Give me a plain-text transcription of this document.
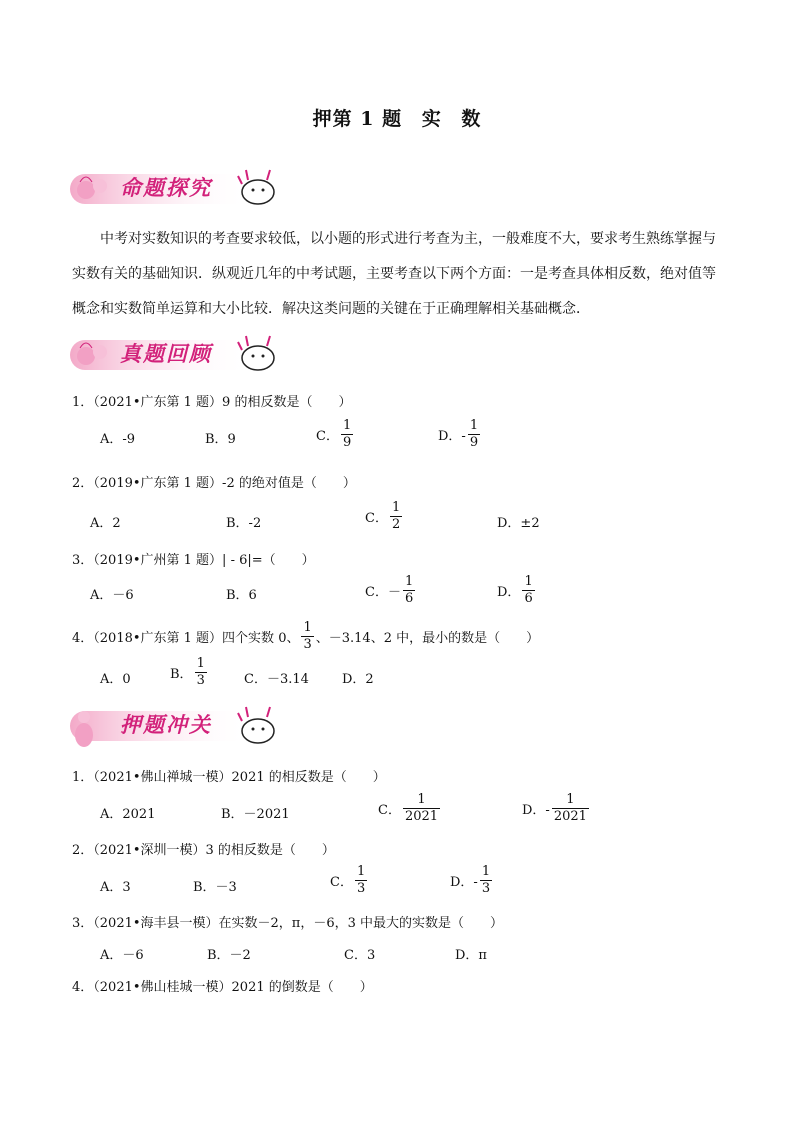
押第 1 题 实 数
命题探究
中考对实数知识的考查要求较低，以小题的形式进行考查为主，一般难度不大，要求考生熟练掌握与实数有关的基础知识．纵观近几年的中考试题，主要考查以下两个方面：一是考查具体相反数，绝对值等概念和实数简单运算和大小比较．解决这类问题的关键在于正确理解相关基础概念．
真题回顾
1．（2021•广东第 1 题）9 的相反数是（　　）
A．-9	B．9	C． $\frac{1}{9}$	D．- $\frac{1}{9}$
2．（2019•广东第 1 题）-2 的绝对值是（　　）
A．2	B．-2	C． $\frac{1}{2}$	D．±2
3．（2019•广州第 1 题）| - 6|=（　　）
A．－6	B．6	C．－ $\frac{1}{6}$	D． $\frac{1}{6}$
4．（2018•广东第 1 题）四个实数 0、 $\frac{1}{3}$ 、－3.14、2 中，最小的数是（　　）
A．0	B． $\frac{1}{3}$	C．－3.14	D．2
押题冲关
1．（2021•佛山禅城一模）2021 的相反数是（　　）
A．2021	B．－2021	C． $\frac{1}{2021}$	D．- $\frac{1}{2021}$
2．（2021•深圳一模）3 的相反数是（　　）
A．3	B．－3	C． $\frac{1}{3}$	D．- $\frac{1}{3}$
3．（2021•海丰县一模）在实数－2，π，－6，3 中最大的实数是（　　）
A．－6	B．－2	C．3	D．π
4．（2021•佛山桂城一模）2021 的倒数是（　　）
